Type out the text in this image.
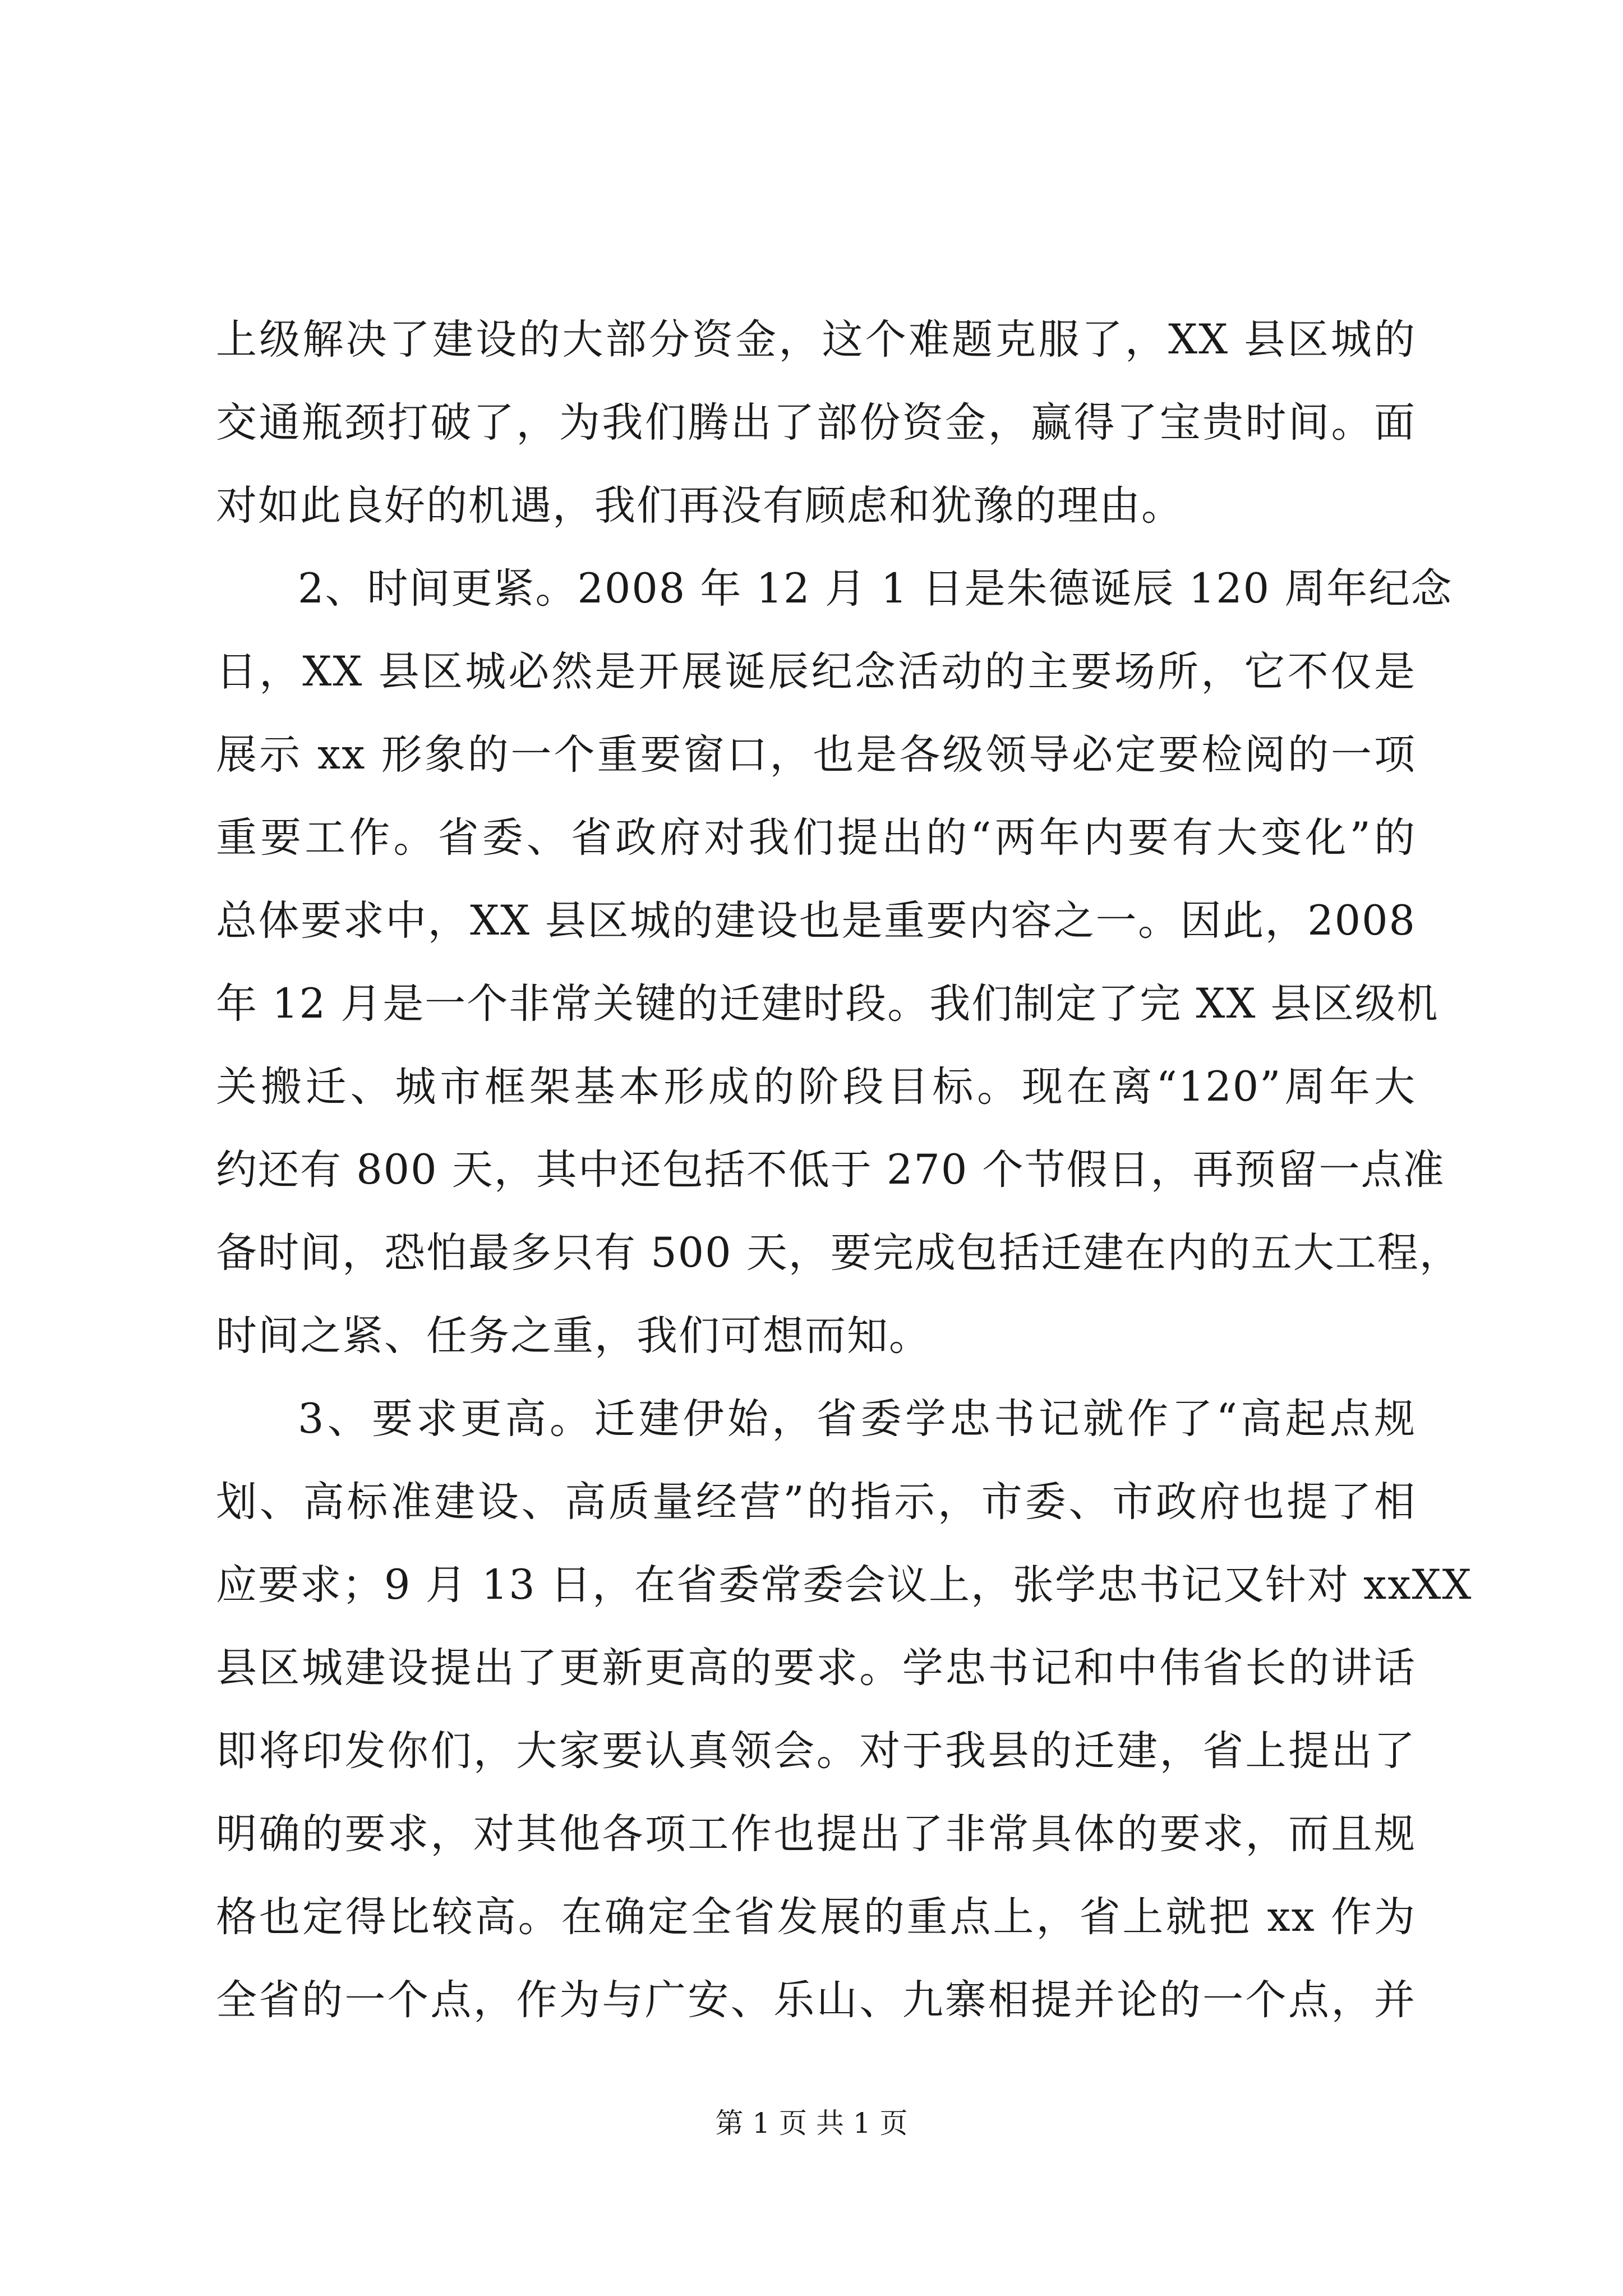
上级解决了建设的大部分资金，这个难题克服了，XX 县区城的
交通瓶颈打破了，为我们腾出了部份资金，赢得了宝贵时间。面
对如此良好的机遇，我们再没有顾虑和犹豫的理由。
2、时间更紧。2008 年 12 月 1 日是朱德诞辰 120 周年纪念
日，XX 县区城必然是开展诞辰纪念活动的主要场所，它不仅是
展示 xx 形象的一个重要窗口，也是各级领导必定要检阅的一项
重要工作。省委、省政府对我们提出的“两年内要有大变化”的
总体要求中，XX 县区城的建设也是重要内容之一。因此，2008
年 12 月是一个非常关键的迁建时段。我们制定了完 XX 县区级机
关搬迁、城市框架基本形成的阶段目标。现在离“120”周年大
约还有 800 天，其中还包括不低于 270 个节假日，再预留一点准
备时间，恐怕最多只有 500 天，要完成包括迁建在内的五大工程，
时间之紧、任务之重，我们可想而知。
3、要求更高。迁建伊始，省委学忠书记就作了“高起点规
划、高标准建设、高质量经营”的指示，市委、市政府也提了相
应要求；9 月 13 日，在省委常委会议上，张学忠书记又针对 xxXX
县区城建设提出了更新更高的要求。学忠书记和中伟省长的讲话
即将印发你们，大家要认真领会。对于我县的迁建，省上提出了
明确的要求，对其他各项工作也提出了非常具体的要求，而且规
格也定得比较高。在确定全省发展的重点上，省上就把 xx 作为
全省的一个点，作为与广安、乐山、九寨相提并论的一个点，并
第 1 页 共 1 页
